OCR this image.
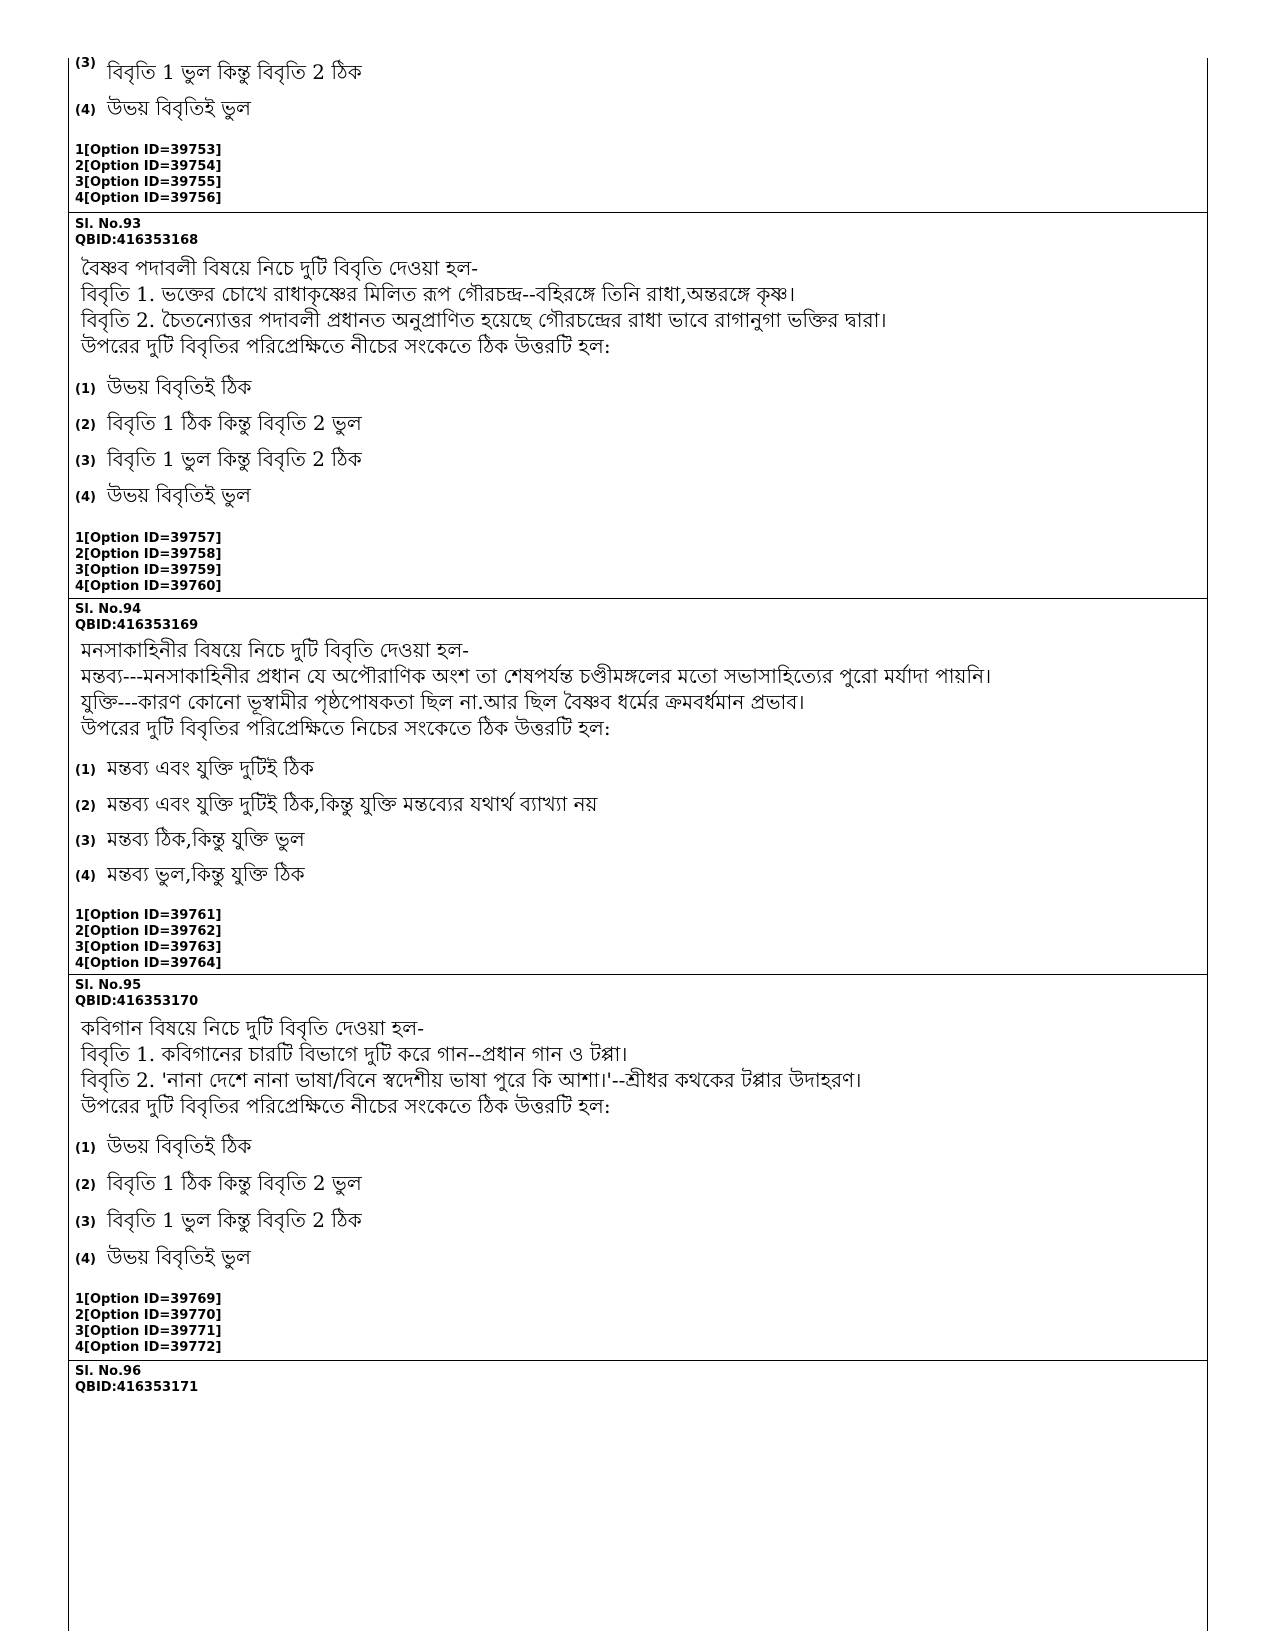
(3) বিবৃতি 1 ভুল কিন্তু বিবৃতি 2 ঠিক
(4) উভয় বিবৃতিই ভুল
1[Option ID=39753]
2[Option ID=39754]
3[Option ID=39755]
4[Option ID=39756]
Sl. No.93
QBID:416353168
বৈষ্ণব পদাবলী বিষয়ে নিচে দুটি বিবৃতি দেওয়া হল-
বিবৃতি 1. ভক্তের চোখে রাধাকৃষ্ণের মিলিত রূপ গৌরচন্দ্র--বহিরঙ্গে তিনি রাধা,অন্তরঙ্গে কৃষ্ণ।
বিবৃতি 2. চৈতন্যোত্তর পদাবলী প্রধানত অনুপ্রাণিত হয়েছে গৌরচন্দ্রের রাধা ভাবে রাগানুগা ভক্তির দ্বারা।
উপরের দুটি বিবৃতির পরিপ্রেক্ষিতে নীচের সংকেতে ঠিক উত্তরটি হল:
(1) উভয় বিবৃতিই ঠিক
(2) বিবৃতি 1 ঠিক কিন্তু বিবৃতি 2 ভুল
(3) বিবৃতি 1 ভুল কিন্তু বিবৃতি 2 ঠিক
(4) উভয় বিবৃতিই ভুল
1[Option ID=39757]
2[Option ID=39758]
3[Option ID=39759]
4[Option ID=39760]
Sl. No.94
QBID:416353169
মনসাকাহিনীর বিষয়ে নিচে দুটি বিবৃতি দেওয়া হল-
মন্তব্য---মনসাকাহিনীর প্রধান যে অপৌরাণিক অংশ তা শেষপর্যন্ত চণ্ডীমঙ্গলের মতো সভাসাহিত্যের পুরো মর্যাদা পায়নি।
যুক্তি---কারণ কোনো ভূস্বামীর পৃষ্ঠপোষকতা ছিল না.আর ছিল বৈষ্ণব ধর্মের ক্রমবর্ধমান প্রভাব।
উপরের দুটি বিবৃতির পরিপ্রেক্ষিতে নিচের সংকেতে ঠিক উত্তরটি হল:
(1) মন্তব্য এবং যুক্তি দুটিই ঠিক
(2) মন্তব্য এবং যুক্তি দুটিই ঠিক,কিন্তু যুক্তি মন্তব্যের যথার্থ ব্যাখ্যা নয়
(3) মন্তব্য ঠিক,কিন্তু যুক্তি ভুল
(4) মন্তব্য ভুল,কিন্তু যুক্তি ঠিক
1[Option ID=39761]
2[Option ID=39762]
3[Option ID=39763]
4[Option ID=39764]
Sl. No.95
QBID:416353170
কবিগান বিষয়ে নিচে দুটি বিবৃতি দেওয়া হল-
বিবৃতি 1. কবিগানের চারটি বিভাগে দুটি করে গান--প্রধান গান ও টপ্পা।
বিবৃতি 2. 'নানা দেশে নানা ভাষা/বিনে স্বদেশীয় ভাষা পুরে কি আশা।'--শ্রীধর কথকের টপ্পার উদাহরণ।
উপরের দুটি বিবৃতির পরিপ্রেক্ষিতে নীচের সংকেতে ঠিক উত্তরটি হল:
(1) উভয় বিবৃতিই ঠিক
(2) বিবৃতি 1 ঠিক কিন্তু বিবৃতি 2 ভুল
(3) বিবৃতি 1 ভুল কিন্তু বিবৃতি 2 ঠিক
(4) উভয় বিবৃতিই ভুল
1[Option ID=39769]
2[Option ID=39770]
3[Option ID=39771]
4[Option ID=39772]
Sl. No.96
QBID:416353171
